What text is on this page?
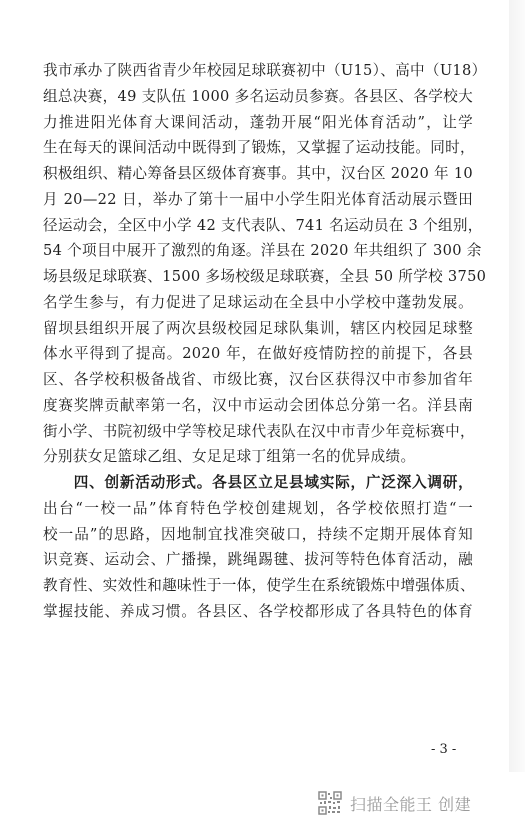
我市承办了陕西省青少年校园足球联赛初中（U15）、高中（U18）
组总决赛，49 支队伍 1000 多名运动员参赛。各县区、各学校大
力推进阳光体育大课间活动，蓬勃开展“阳光体育活动”，让学
生在每天的课间活动中既得到了锻炼，又掌握了运动技能。同时，
积极组织、精心筹备县区级体育赛事。其中，汉台区 2020 年 10
月 20—22 日，举办了第十一届中小学生阳光体育活动展示暨田
径运动会，全区中小学 42 支代表队、741 名运动员在 3 个组别，
54 个项目中展开了激烈的角逐。洋县在 2020 年共组织了 300 余
场县级足球联赛、1500 多场校级足球联赛，全县 50 所学校 3750
名学生参与，有力促进了足球运动在全县中小学校中蓬勃发展。
留坝县组织开展了两次县级校园足球队集训，辖区内校园足球整
体水平得到了提高。2020 年，在做好疫情防控的前提下，各县
区、各学校积极备战省、市级比赛，汉台区获得汉中市参加省年
度赛奖牌贡献率第一名，汉中市运动会团体总分第一名。洋县南
街小学、书院初级中学等校足球代表队在汉中市青少年竞标赛中，
分别获女足篮球乙组、女足足球丁组第一名的优异成绩。
　　四、创新活动形式。各县区立足县域实际，广泛深入调研，
出台“一校一品”体育特色学校创建规划，各学校依照打造“一
校一品”的思路，因地制宜找准突破口，持续不定期开展体育知
识竞赛、运动会、广播操，跳绳踢毽、拔河等特色体育活动，融
教育性、实效性和趣味性于一体，使学生在系统锻炼中增强体质、
掌握技能、养成习惯。各县区、各学校都形成了各具特色的体育
- 3 -
扫描全能王 创建
